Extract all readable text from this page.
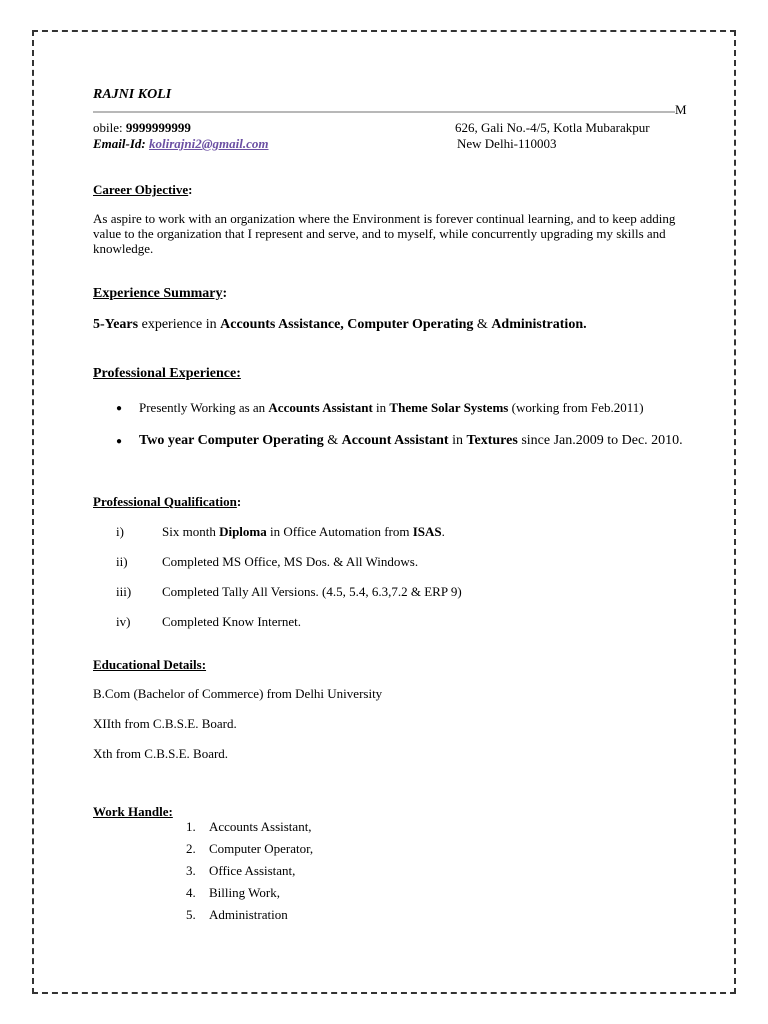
RAJNI KOLI
M
obile: 9999999999
Email-Id: kolirajni2@gmail.com
626, Gali No.-4/5, Kotla Mubarakpur
New Delhi-110003
Career Objective:
As aspire to work with an organization where the Environment is forever continual learning, and to keep adding value to the organization that I represent and serve, and to myself, while concurrently upgrading my skills and knowledge.
Experience Summary:
5-Years experience in Accounts Assistance, Computer Operating & Administration.
Professional Experience:
● Presently Working as an Accounts Assistant in Theme Solar Systems (working from Feb.2011)
● Two year Computer Operating & Account Assistant in Textures since Jan.2009 to Dec. 2010.
Professional Qualification:
i)	Six month Diploma in Office Automation from ISAS.
ii)	Completed MS Office, MS Dos. & All Windows.
iii) Completed Tally All Versions. (4.5, 5.4, 6.3,7.2 & ERP 9)
iv) Completed Know Internet.
Educational Details:
B.Com (Bachelor of Commerce) from Delhi University
XIIth from C.B.S.E. Board.
Xth from C.B.S.E. Board.
Work Handle:
1. Accounts Assistant,
2. Computer Operator,
3. Office Assistant,
4. Billing Work,
5. Administration
